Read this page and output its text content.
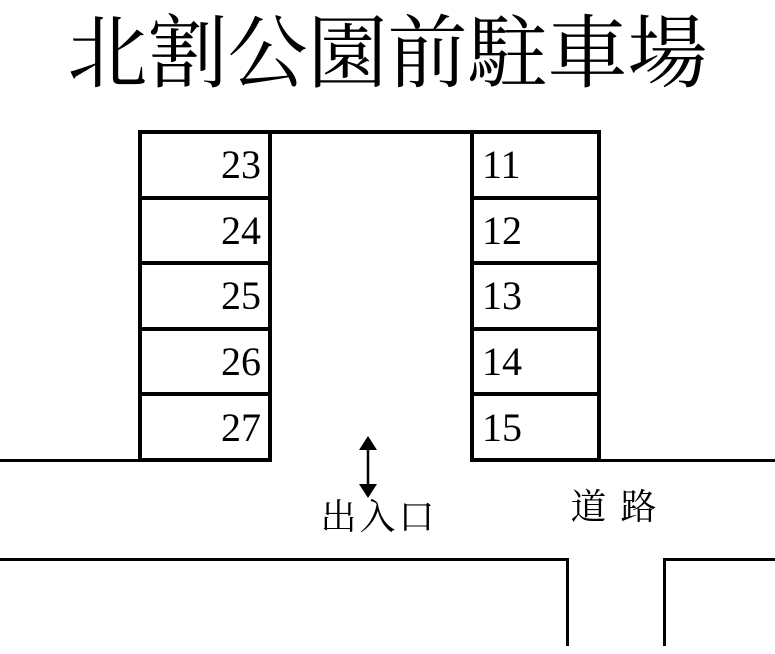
北割公園前駐車場
23
24
25
26
27
11
12
13
14
15
出入口	道 路
